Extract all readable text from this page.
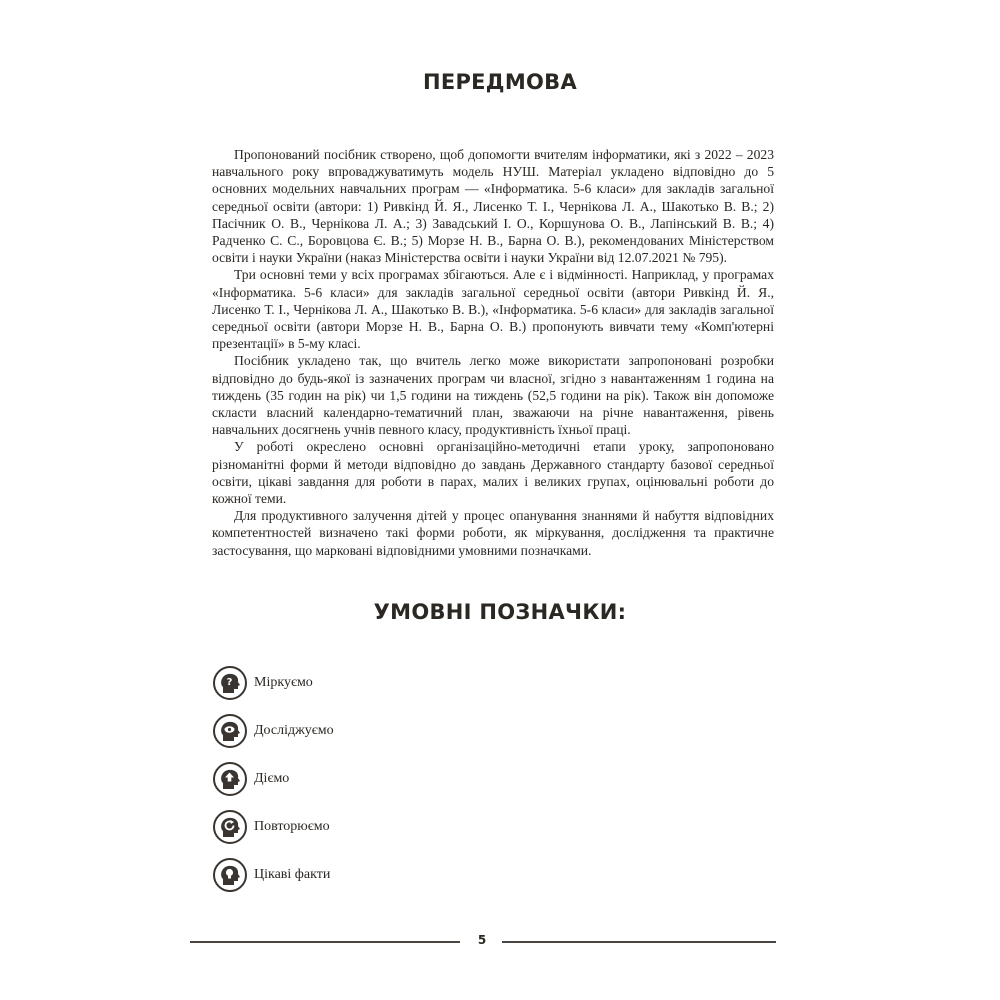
ПЕРЕДМОВА

Пропонований посібник створено, щоб допомогти вчителям інформатики, які з 2022 – 2023 навчального року впроваджуватимуть модель НУШ. Матеріал укладено відповідно до 5 основних модельних навчальних програм — «Інформатика. 5-6 класи» для закладів загальної середньої освіти (автори: 1) Ривкінд Й. Я., Лисенко Т. І., Чернікова Л. А., Шакотько В. В.; 2) Пасічник О. В., Чернікова Л. А.; 3) Завадський І. О., Коршунова О. В., Лапінський В. В.; 4) Радченко С. С., Боровцова Є. В.; 5) Морзе Н. В., Барна О. В.), рекомендованих Міністерством освіти і науки України (наказ Міністерства освіти і науки України від 12.07.2021 № 795).

Три основні теми у всіх програмах збігаються. Але є і відмінності. Наприклад, у програмах «Інформатика. 5-6 класи» для закладів загальної середньої освіти (автори Ривкінд Й. Я., Лисенко Т. І., Чернікова Л. А., Шакотько В. В.), «Інформатика. 5-6 класи» для закладів загальної середньої освіти (автори Морзе Н. В., Барна О. В.) пропонують вивчати тему «Комп'ютерні презентації» в 5-му класі.

Посібник укладено так, що вчитель легко може використати запропоновані розробки відповідно до будь-якої із зазначених програм чи власної, згідно з навантаженням 1 година на тиждень (35 годин на рік) чи 1,5 години на тиждень (52,5 години на рік). Також він допоможе скласти власний календарно-тематичний план, зважаючи на річне навантаження, рівень навчальних досягнень учнів певного класу, продуктивність їхньої праці.

У роботі окреслено основні організаційно-методичні етапи уроку, запропоновано різноманітні форми й методи відповідно до завдань Державного стандарту базової середньої освіти, цікаві завдання для роботи в парах, малих і великих групах, оцінювальні роботи до кожної теми.

Для продуктивного залучення дітей у процес опанування знаннями й набуття відповідних компетентностей визначено такі форми роботи, як міркування, дослідження та практичне застосування, що марковані відповідними умовними позначками.

УМОВНІ ПОЗНАЧКИ:
? Міркуємо
Досліджуємо
Діємо
Повторюємо
Цікаві факти
5
